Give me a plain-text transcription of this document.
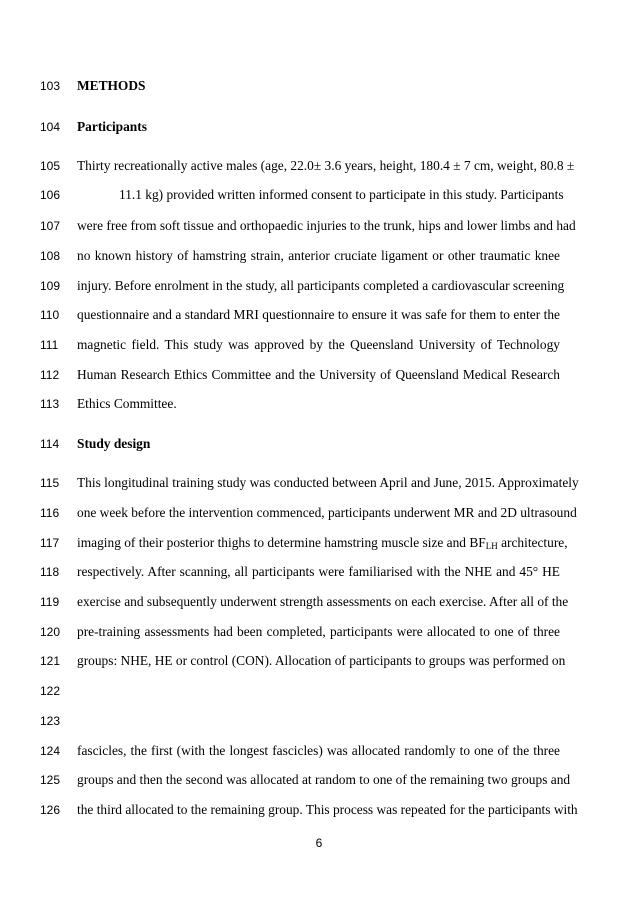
103
104
105
106
107
108
109
110
111
112
113
114
115
116
117
118
119
120
121
122
123
124
125
126
METHODS
Participants
Thirty recreationally active males (age, 22.0± 3.6 years, height, 180.4 ± 7 cm, weight, 80.8 ±
11.1 kg) provided written informed consent to participate in this study. Participants
were free from soft tissue and orthopaedic injuries to the trunk, hips and lower limbs and had
no known history of hamstring strain, anterior cruciate ligament or other traumatic knee
injury. Before enrolment in the study, all participants completed a cardiovascular screening
questionnaire and a standard MRI questionnaire to ensure it was safe for them to enter the
magnetic field. This study was approved by the Queensland University of Technology
Human Research Ethics Committee and the University of Queensland Medical Research
Ethics Committee.
Study design
This longitudinal training study was conducted between April and June, 2015. Approximately
one week before the intervention commenced, participants underwent MR and 2D ultrasound
imaging of their posterior thighs to determine hamstring muscle size and $BF_{LH}$ architecture,
respectively. After scanning, all participants were familiarised with the NHE and 45° HE
exercise and subsequently underwent strength assessments on each exercise. After all of the
pre-training assessments had been completed, participants were allocated to one of three
groups: NHE, HE or control (CON). Allocation of participants to groups was performed on
fascicles, the first (with the longest fascicles) was allocated randomly to one of the three
groups and then the second was allocated at random to one of the remaining two groups and
the third allocated to the remaining group. This process was repeated for the participants with
6
